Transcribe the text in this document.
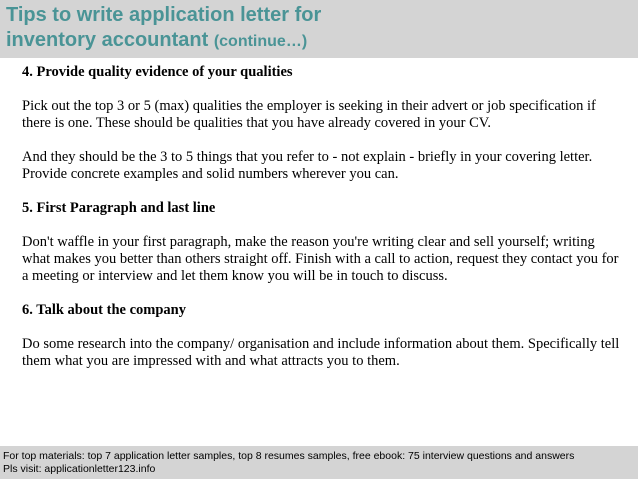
Tips to write application letter for
inventory accountant (continue…)
4. Provide quality evidence of your qualities

Pick out the top 3 or 5 (max) qualities the employer is seeking in their advert or job specification if there is one. These should be qualities that you have already covered in your CV.

And they should be the 3 to 5 things that you refer to - not explain - briefly in your covering letter. Provide concrete examples and solid numbers wherever you can.

5. First Paragraph and last line

Don't waffle in your first paragraph, make the reason you're writing clear and sell yourself; writing what makes you better than others straight off. Finish with a call to action, request they contact you for a meeting or interview and let them know you will be in touch to discuss.

6. Talk about the company

Do some research into the company/ organisation and include information about them. Specifically tell them what you are impressed with and what attracts you to them.

For top materials: top 7 application letter samples, top 8 resumes samples, free ebook: 75 interview questions and answers
Pls visit: applicationletter123.info
